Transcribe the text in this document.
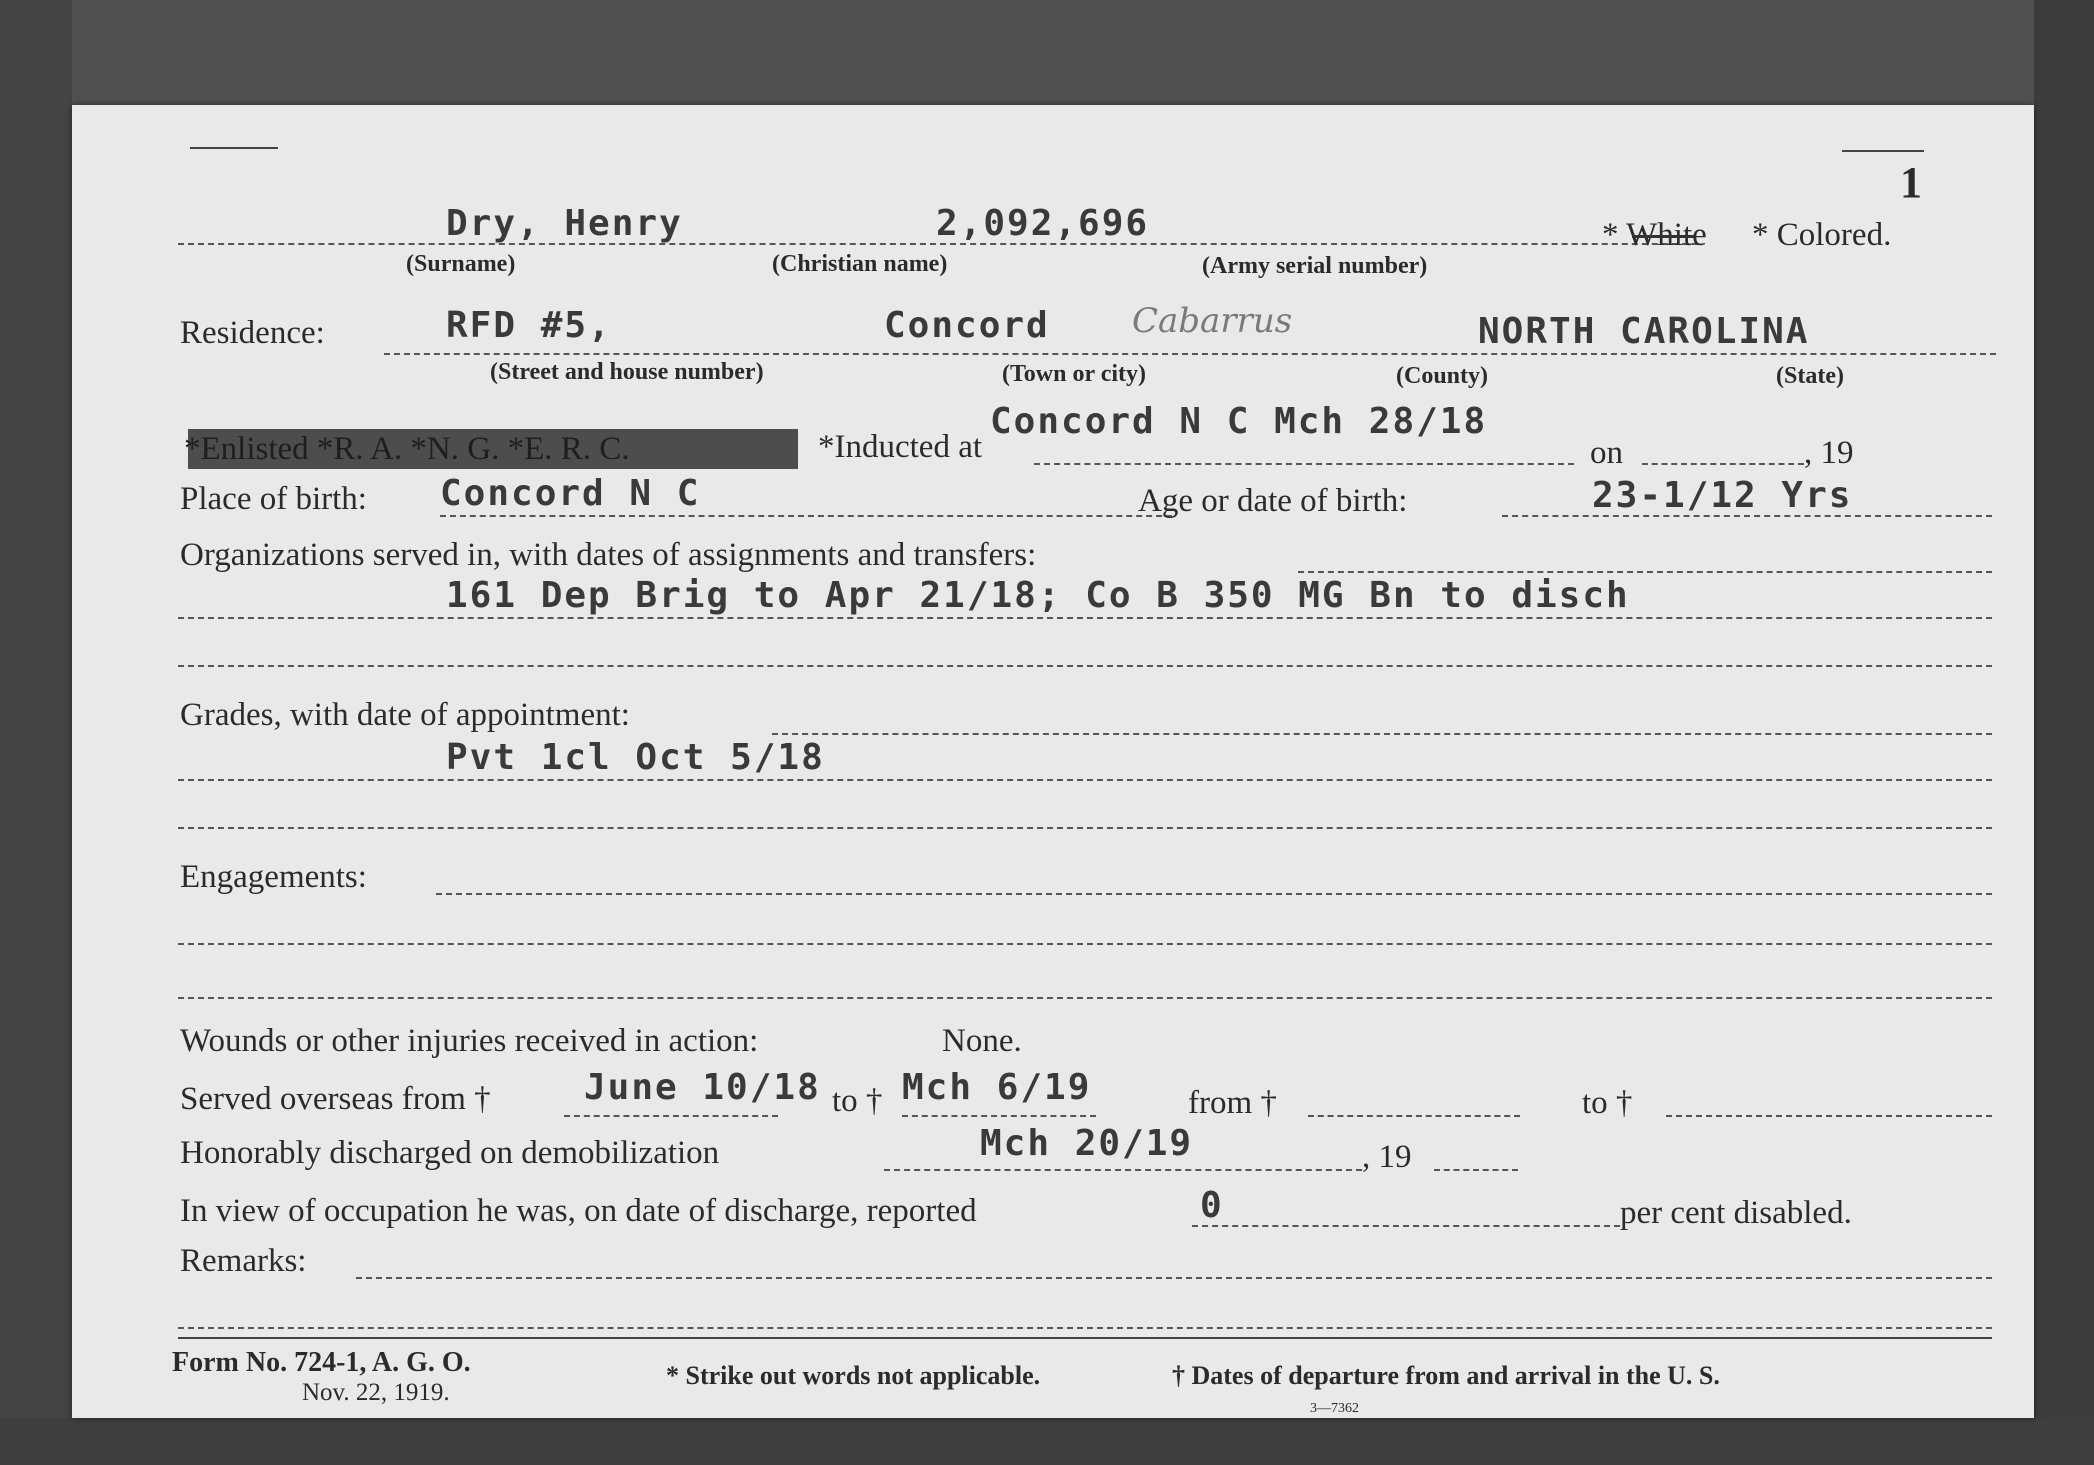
1
Dry, Henry	2,092,696	* White * Colored.
(Surname)	(Christian name)	(Army serial number)
Residence:	RFD #5,	Concord Cabarrus	NORTH CAROLINA
(Street and house number)	(Town or city)	(County)	(State)
*Enlisted *R. A. *N. G. *E. R. C.	*Inducted at
Concord N C Mch 28/18
on	, 19
Place of birth: Concord N C	Age or date of birth:	23-1/12 Yrs
Organizations served in, with dates of assignments and transfers:
161 Dep Brig to Apr 21/18; Co B 350 MG Bn to disch
Grades, with date of appointment:
Pvt 1cl Oct 5/18
Engagements:
Wounds or other injuries received in action:	None.
Served overseas from †	June 10/18 to † Mch 6/19	from †	to †
Honorably discharged on demobilization	Mch 20/19	, 19
In view of occupation he was, on date of discharge, reported	0	per cent disabled.
Remarks:
Form No. 724-1, A. G. O.
Nov. 22, 1919.
* Strike out words not applicable.	† Dates of departure from and arrival in the U. S.
3—7362
